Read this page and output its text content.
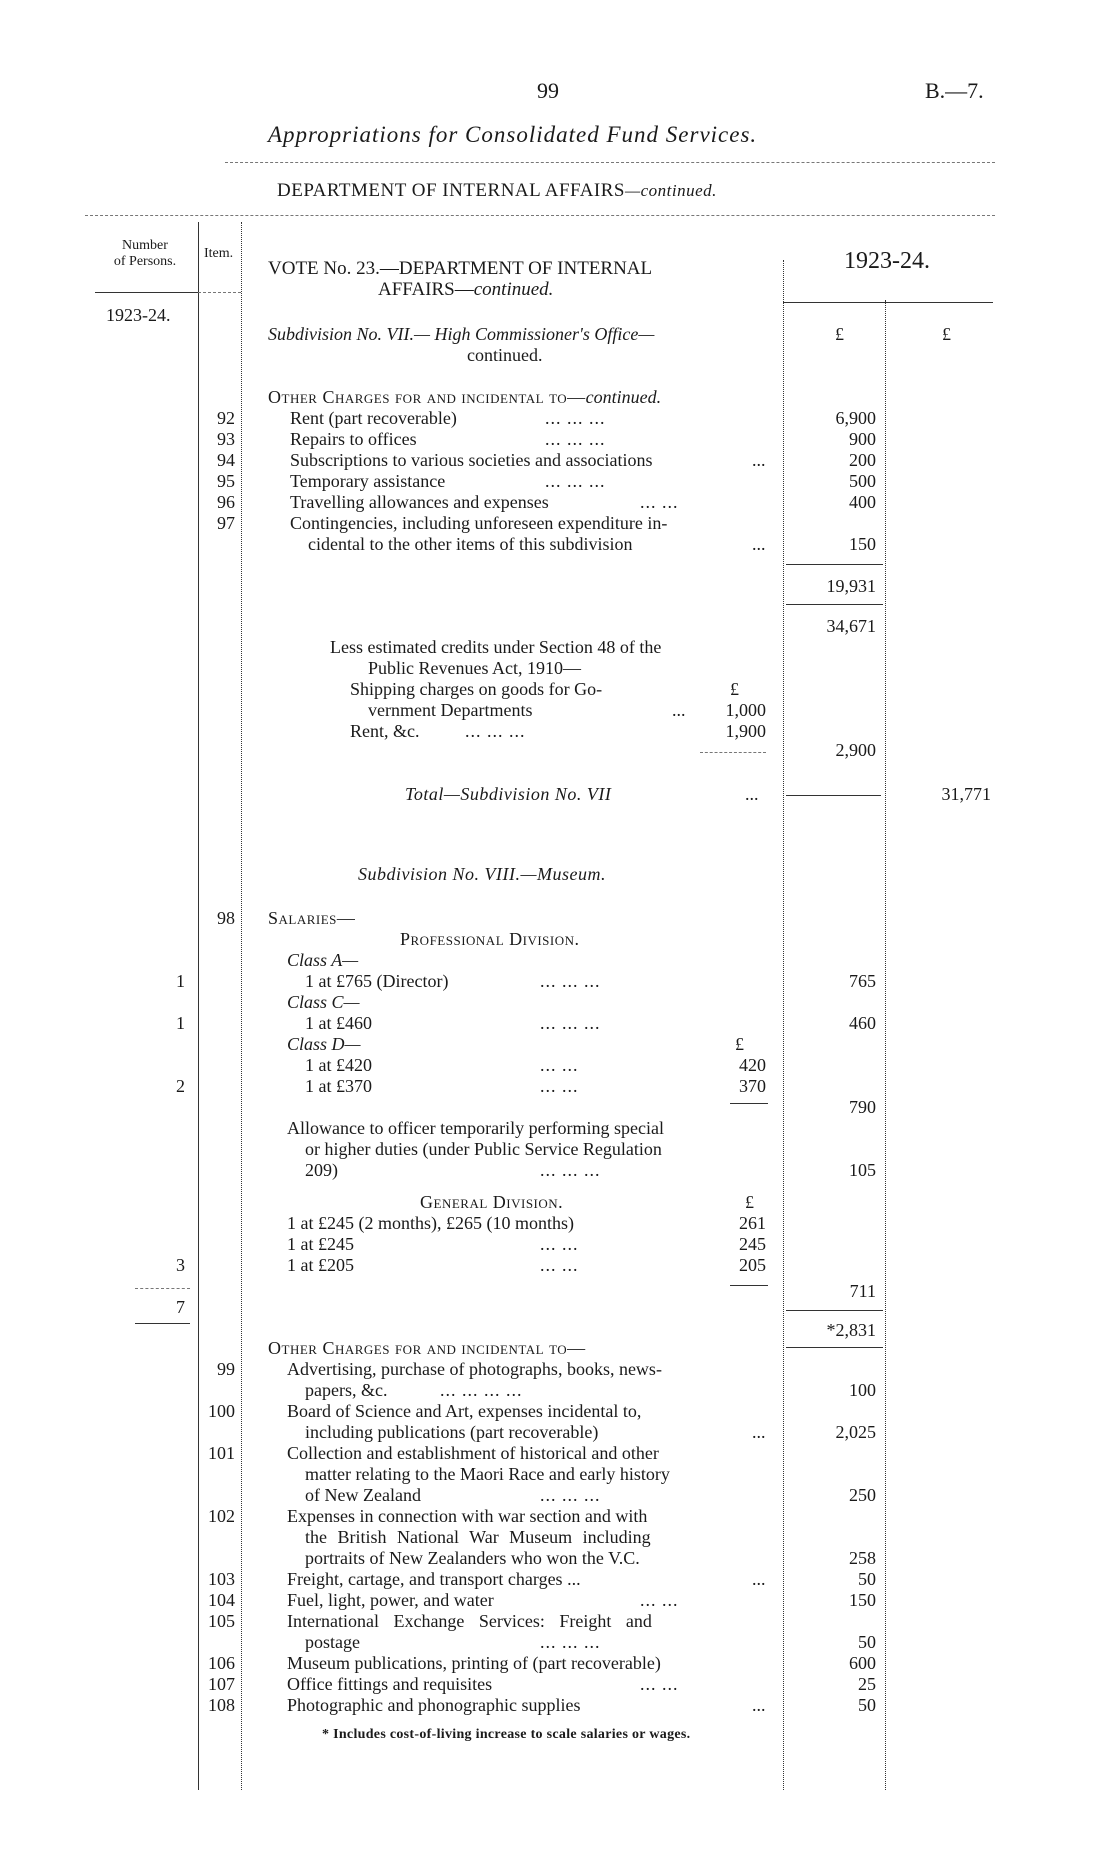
99	B.—7.
Appropriations for Consolidated Fund Services.
DEPARTMENT OF INTERNAL AFFAIRS—continued.
Number
of Persons.
Item.
1923-24.
1923-24.
£	£
VOTE No. 23.—DEPARTMENT OF INTERNAL
AFFAIRS—continued.
Subdivision No. VII.— High Commissioner's Office—
continued.
Other Charges for and incidental to—continued.
92	Rent (part recoverable)	... ... ...	6,900
93	Repairs to offices	... ... ...	900
94	Subscriptions to various societies and associations	...	200
95	Temporary assistance	... ... ...	500
96	Travelling allowances and expenses	... ...	400
97	Contingencies, including unforeseen expenditure in-
cidental to the other items of this subdivision	...	150
19,931
34,671
Less estimated credits under Section 48 of the
Public Revenues Act, 1910—
Shipping charges on goods for Go-	£
vernment Departments	...	1,000
Rent, &c.	... ... ...	1,900
2,900
Total—Subdivision No. VII	...	31,771
Subdivision No. VIII.—Museum.
98 Salaries—
Professional Division.
Class A—
1	1 at £765 (Director)	... ... ...	765
Class C—
1	1 at £460	... ... ...	460
Class D—	£
1 at £420	... ...	420
2	1 at £370	... ...	370
790
Allowance to officer temporarily performing special
or higher duties (under Public Service Regulation
209)	... ... ...	105
General Division.	£
1 at £245 (2 months), £265 (10 months)	261
1 at £245	... ...	245
3	1 at £205	... ...	205
711
7
*2,831
Other Charges for and incidental to—
99	Advertising, purchase of photographs, books, news-
papers, &c.	... ... ... ...	100
100	Board of Science and Art, expenses incidental to,
including publications (part recoverable)	...	2,025
101	Collection and establishment of historical and other
matter relating to the Maori Race and early history
of New Zealand	... ... ...	250
102	Expenses in connection with war section and with
the British National War Museum including
portraits of New Zealanders who won the V.C.	258
103	Freight, cartage, and transport charges ...	...	50
104	Fuel, light, power, and water	... ...	150
105	International Exchange Services: Freight and
postage	... ... ...	50
106	Museum publications, printing of (part recoverable)	600
107	Office fittings and requisites	... ...	25
108	Photographic and phonographic supplies	...	50
* Includes cost-of-living increase to scale salaries or wages.
